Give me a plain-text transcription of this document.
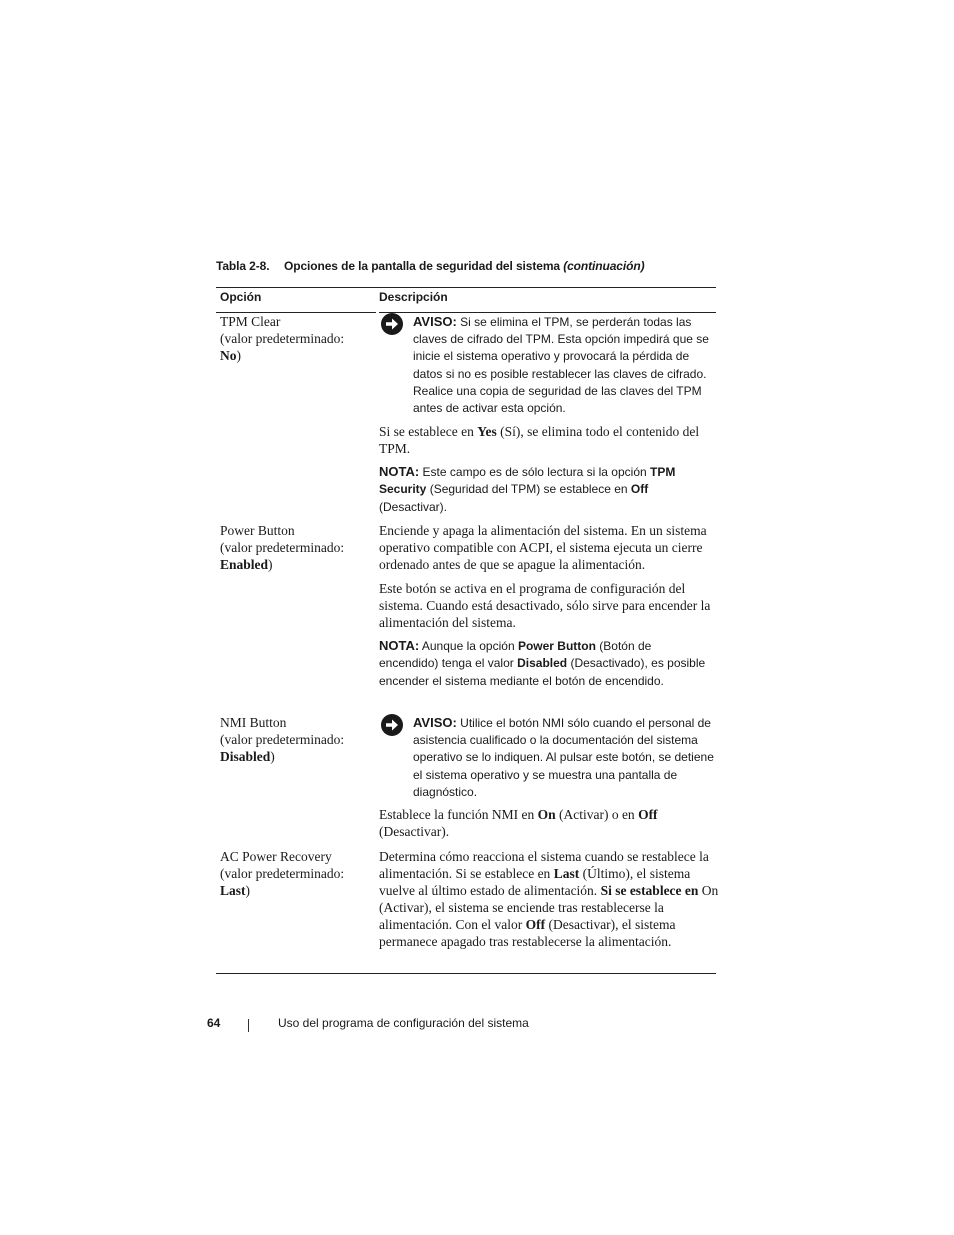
Tabla 2-8. Opciones de la pantalla de seguridad del sistema (continuación)
Opción	Descripción
TPM Clear
(valor predeterminado:
No)
AVISO: Si se elimina el TPM, se perderán todas las claves de cifrado del TPM. Esta opción impedirá que se inicie el sistema operativo y provocará la pérdida de datos si no es posible restablecer las claves de cifrado. Realice una copia de seguridad de las claves del TPM antes de activar esta opción.
Si se establece en Yes (Sí), se elimina todo el contenido del TPM.
NOTA: Este campo es de sólo lectura si la opción TPM Security (Seguridad del TPM) se establece en Off (Desactivar).
Power Button
(valor predeterminado:
Enabled)
Enciende y apaga la alimentación del sistema. En un sistema operativo compatible con ACPI, el sistema ejecuta un cierre ordenado antes de que se apague la alimentación.
Este botón se activa en el programa de configuración del sistema. Cuando está desactivado, sólo sirve para encender la alimentación del sistema.
NOTA: Aunque la opción Power Button (Botón de encendido) tenga el valor Disabled (Desactivado), es posible encender el sistema mediante el botón de encendido.
NMI Button
(valor predeterminado:
Disabled)
AVISO: Utilice el botón NMI sólo cuando el personal de asistencia cualificado o la documentación del sistema operativo se lo indiquen. Al pulsar este botón, se detiene el sistema operativo y se muestra una pantalla de diagnóstico.
Establece la función NMI en On (Activar) o en Off (Desactivar).
AC Power Recovery
(valor predeterminado:
Last)
Determina cómo reacciona el sistema cuando se restablece la alimentación. Si se establece en Last (Último), el sistema vuelve al último estado de alimentación. Si se establece en On (Activar), el sistema se enciende tras restablecerse la alimentación. Con el valor Off (Desactivar), el sistema permanece apagado tras restablecerse la alimentación.
64	Uso del programa de configuración del sistema
